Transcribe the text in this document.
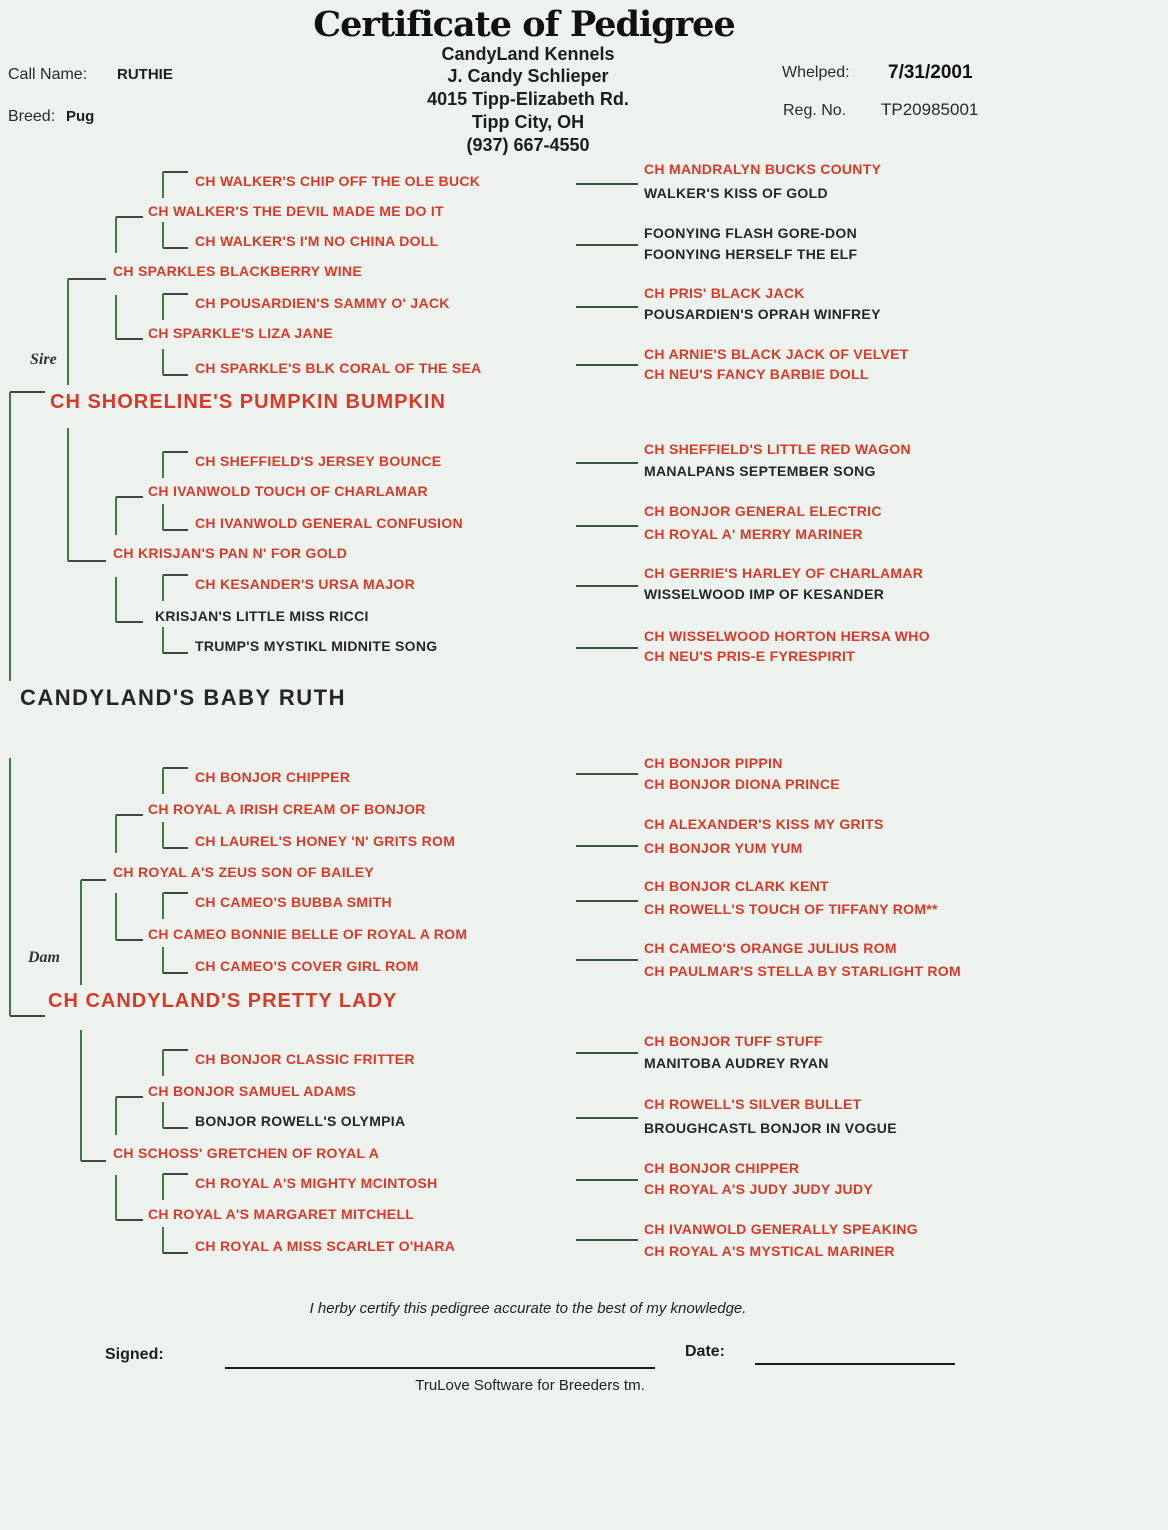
Certificate of Pedigree
CandyLand Kennels
J. Candy Schlieper
4015 Tipp-Elizabeth Rd.
Tipp City, OH
(937) 667-4550
Call Name: RUTHIE
Breed: Pug
Whelped: 7/31/2001
Reg. No. TP20985001
Sire
Dam
CH SHORELINE'S PUMPKIN BUMPKIN
CANDYLAND'S BABY RUTH
CH CANDYLAND'S PRETTY LADY
CH SPARKLES BLACKBERRY WINE
CH KRISJAN'S PAN N' FOR GOLD
CH ROYAL A'S ZEUS SON OF BAILEY
CH SCHOSS' GRETCHEN OF ROYAL A
CH WALKER'S THE DEVIL MADE ME DO IT
CH SPARKLE'S LIZA JANE
CH IVANWOLD TOUCH OF CHARLAMAR
KRISJAN'S LITTLE MISS RICCI
CH ROYAL A IRISH CREAM OF BONJOR
CH CAMEO BONNIE BELLE OF ROYAL A ROM
CH BONJOR SAMUEL ADAMS
CH ROYAL A'S MARGARET MITCHELL
CH WALKER'S CHIP OFF THE OLE BUCK
CH WALKER'S I'M NO CHINA DOLL
CH POUSARDIEN'S SAMMY O' JACK
CH SPARKLE'S BLK CORAL OF THE SEA
CH SHEFFIELD'S JERSEY BOUNCE
CH IVANWOLD GENERAL CONFUSION
CH KESANDER'S URSA MAJOR
TRUMP'S MYSTIKL MIDNITE SONG
CH BONJOR CHIPPER
CH LAUREL'S HONEY 'N' GRITS ROM
CH CAMEO'S BUBBA SMITH
CH CAMEO'S COVER GIRL ROM
CH BONJOR CLASSIC FRITTER
BONJOR ROWELL'S OLYMPIA
CH ROYAL A'S MIGHTY MCINTOSH
CH ROYAL A MISS SCARLET O'HARA
CH MANDRALYN BUCKS COUNTY
WALKER'S KISS OF GOLD
FOONYING FLASH GORE-DON
FOONYING HERSELF THE ELF
CH PRIS' BLACK JACK
POUSARDIEN'S OPRAH WINFREY
CH ARNIE'S BLACK JACK OF VELVET
CH NEU'S FANCY BARBIE DOLL
CH SHEFFIELD'S LITTLE RED WAGON
MANALPANS SEPTEMBER SONG
CH BONJOR GENERAL ELECTRIC
CH ROYAL A' MERRY MARINER
CH GERRIE'S HARLEY OF CHARLAMAR
WISSELWOOD IMP OF KESANDER
CH WISSELWOOD HORTON HERSA WHO
CH NEU'S PRIS-E FYRESPIRIT
CH BONJOR PIPPIN
CH BONJOR DIONA PRINCE
CH ALEXANDER'S KISS MY GRITS
CH BONJOR YUM YUM
CH BONJOR CLARK KENT
CH ROWELL'S TOUCH OF TIFFANY ROM**
CH CAMEO'S ORANGE JULIUS ROM
CH PAULMAR'S STELLA BY STARLIGHT ROM
CH BONJOR TUFF STUFF
MANITOBA AUDREY RYAN
CH ROWELL'S SILVER BULLET
BROUGHCASTL BONJOR IN VOGUE
CH BONJOR CHIPPER
CH ROYAL A'S JUDY JUDY JUDY
CH IVANWOLD GENERALLY SPEAKING
CH ROYAL A'S MYSTICAL MARINER
I herby certify this pedigree accurate to the best of my knowledge.
Signed:	Date:
TruLove Software for Breeders tm.
